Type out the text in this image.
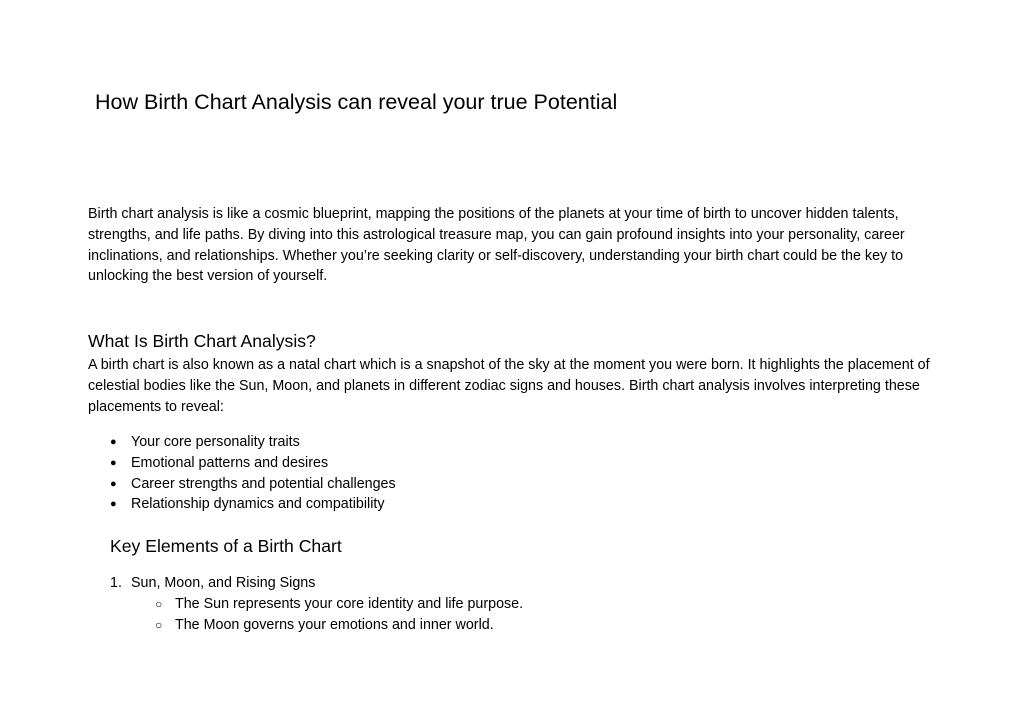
How Birth Chart Analysis can reveal your true Potential

Birth chart analysis is like a cosmic blueprint, mapping the positions of the planets at your time of birth to uncover hidden talents, strengths, and life paths. By diving into this astrological treasure map, you can gain profound insights into your personality, career inclinations, and relationships. Whether you’re seeking clarity or self-discovery, understanding your birth chart could be the key to unlocking the best version of yourself.

What Is Birth Chart Analysis?

A birth chart is also known as a natal chart which is a snapshot of the sky at the moment you were born. It highlights the placement of celestial bodies like the Sun, Moon, and planets in different zodiac signs and houses. Birth chart analysis involves interpreting these placements to reveal:

● Your core personality traits
● Emotional patterns and desires
● Career strengths and potential challenges
● Relationship dynamics and compatibility
Key Elements of a Birth Chart
1. Sun, Moon, and Rising Signs
○ The Sun represents your core identity and life purpose.
○ The Moon governs your emotions and inner world.
